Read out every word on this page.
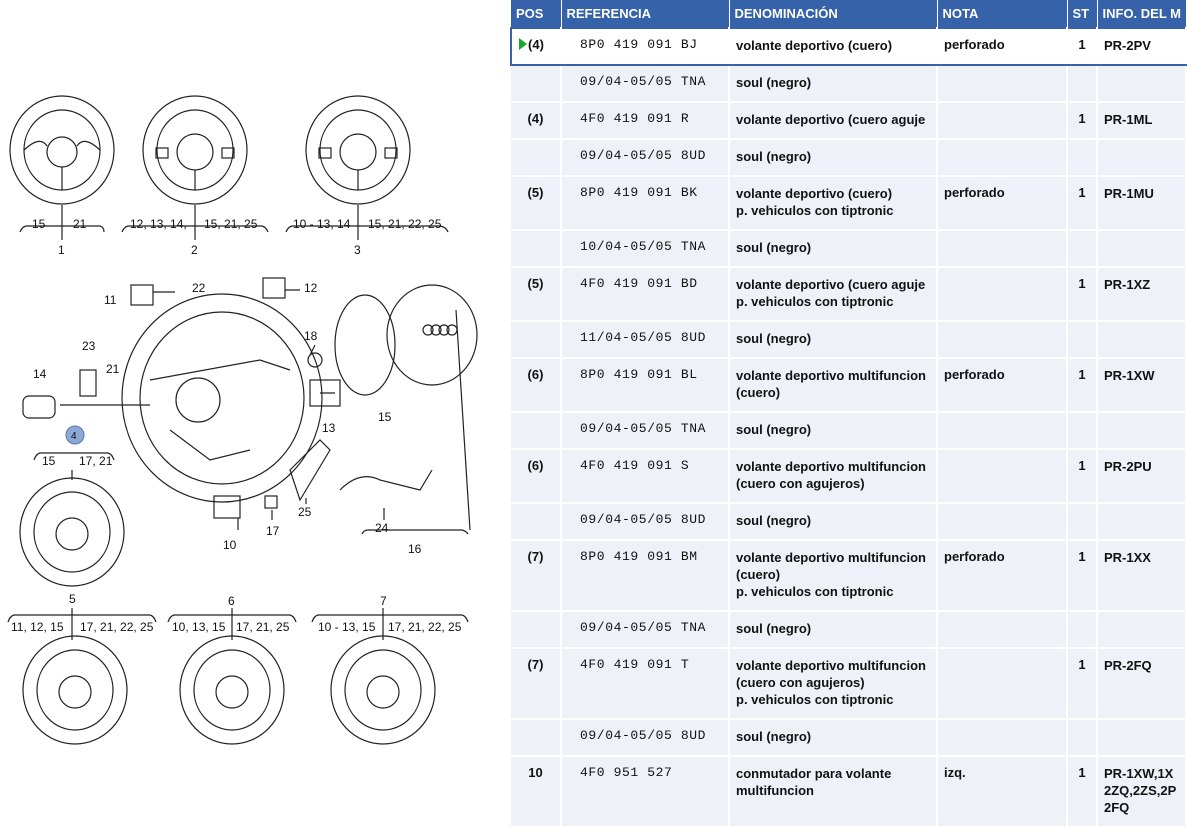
15 21
1
12, 13, 14, 15, 21, 25
2
10 - 13, 14 15, 21, 22, 25
3
11
22	12
23
21
18
14
13
15
4
15 17, 21
17
10
25
24
16
5
11, 12, 15 17, 21, 22, 25
6
10, 13, 15 17, 21, 25
7
10 - 13, 15 17, 21, 22, 25
POS	REFERENCIA	DENOMINACIÓN	NOTA	ST	INFO. DEL M

(4)	8P0 419 091 BJ	volante deportivo (cuero)	perforado	1	PR-2PV

	09/04-05/05 TNA	soul (negro)			

(4)	4F0 419 091 R	volante deportivo (cuero aguje		1	PR-1ML

	09/04-05/05 8UD	soul (negro)			

(5)	8P0 419 091 BK	volante deportivo (cuero)
p. vehiculos con tiptronic	perforado	1	PR-1MU

	10/04-05/05 TNA	soul (negro)			

(5)	4F0 419 091 BD	volante deportivo (cuero aguje
p. vehiculos con tiptronic		1	PR-1XZ

	11/04-05/05 8UD	soul (negro)			

(6)	8P0 419 091 BL	volante deportivo multifuncion
(cuero)	perforado	1	PR-1XW

	09/04-05/05 TNA	soul (negro)			

(6)	4F0 419 091 S	volante deportivo multifuncion
(cuero con agujeros)		1	PR-2PU

	09/04-05/05 8UD	soul (negro)			

(7)	8P0 419 091 BM	volante deportivo multifuncion
(cuero)
p. vehiculos con tiptronic	perforado	1	PR-1XX

	09/04-05/05 TNA	soul (negro)			

(7)	4F0 419 091 T	volante deportivo multifuncion
(cuero con agujeros)
p. vehiculos con tiptronic		1	PR-2FQ

	09/04-05/05 8UD	soul (negro)			

10	4F0 951 527	conmutador para volante
multifuncion	izq.	1	PR-1XW,1X
2ZQ,2ZS,2P
2FQ
